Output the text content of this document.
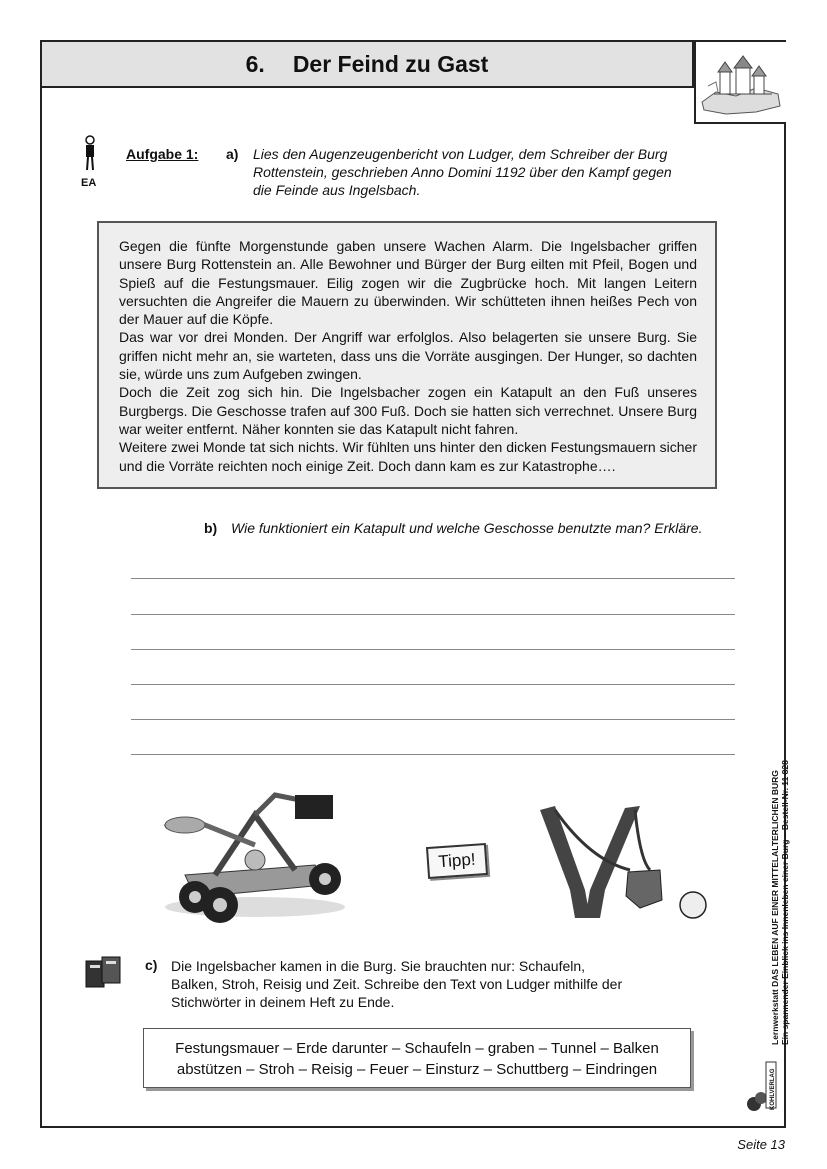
6. Der Feind zu Gast
EA
Aufgabe 1: a) Lies den Augenzeugenbericht von Ludger, dem Schreiber der Burg
Rottenstein, geschrieben Anno Domini 1192 über den Kampf gegen
die Feinde aus Ingelsbach.

Gegen die fünfte Morgenstunde gaben unsere Wachen Alarm. Die Ingelsbacher griffen unsere Burg Rottenstein an. Alle Bewohner und Bürger der Burg eilten mit Pfeil, Bogen und Spieß auf die Festungsmauer. Eilig zogen wir die Zugbrücke hoch. Mit langen Leitern versuchten die Angreifer die Mauern zu überwinden. Wir schütteten ihnen heißes Pech von der Mauer auf die Köpfe.

Das war vor drei Monden. Der Angriff war erfolglos. Also belagerten sie unsere Burg. Sie griffen nicht mehr an, sie warteten, dass uns die Vorräte ausgingen. Der Hunger, so dachten sie, würde uns zum Aufgeben zwingen.

Doch die Zeit zog sich hin. Die Ingelsbacher zogen ein Katapult an den Fuß unseres Burgbergs. Die Geschosse trafen auf 300 Fuß. Doch sie hatten sich verrechnet. Unsere Burg war weiter entfernt. Näher konnten sie das Katapult nicht fahren.

Weitere zwei Monde tat sich nichts. Wir fühlten uns hinter den dicken Festungsmauern sicher und die Vorräte reichten noch einige Zeit. Doch dann kam es zur Katastrophe….

b) Wie funktioniert ein Katapult und welche Geschosse benutzte man? Erkläre.
Tipp!
c) Die Ingelsbacher kamen in die Burg. Sie brauchten nur: Schaufeln,
Balken, Stroh, Reisig und Zeit. Schreibe den Text von Ludger mithilfe der
Stichwörter in deinem Heft zu Ende.
Festungsmauer – Erde darunter – Schaufeln – graben – Tunnel – Balken
abstützen – Stroh – Reisig – Feuer – Einsturz – Schuttberg – Eindringen
Lernwerkstatt DAS LEBEN AUF EINER MITTELALTERLICHEN BURG Ein spannender Einblick ins Innenleben einer Burg – Bestell-Nr. 11 828
KOHLVERLAG
Seite 13
